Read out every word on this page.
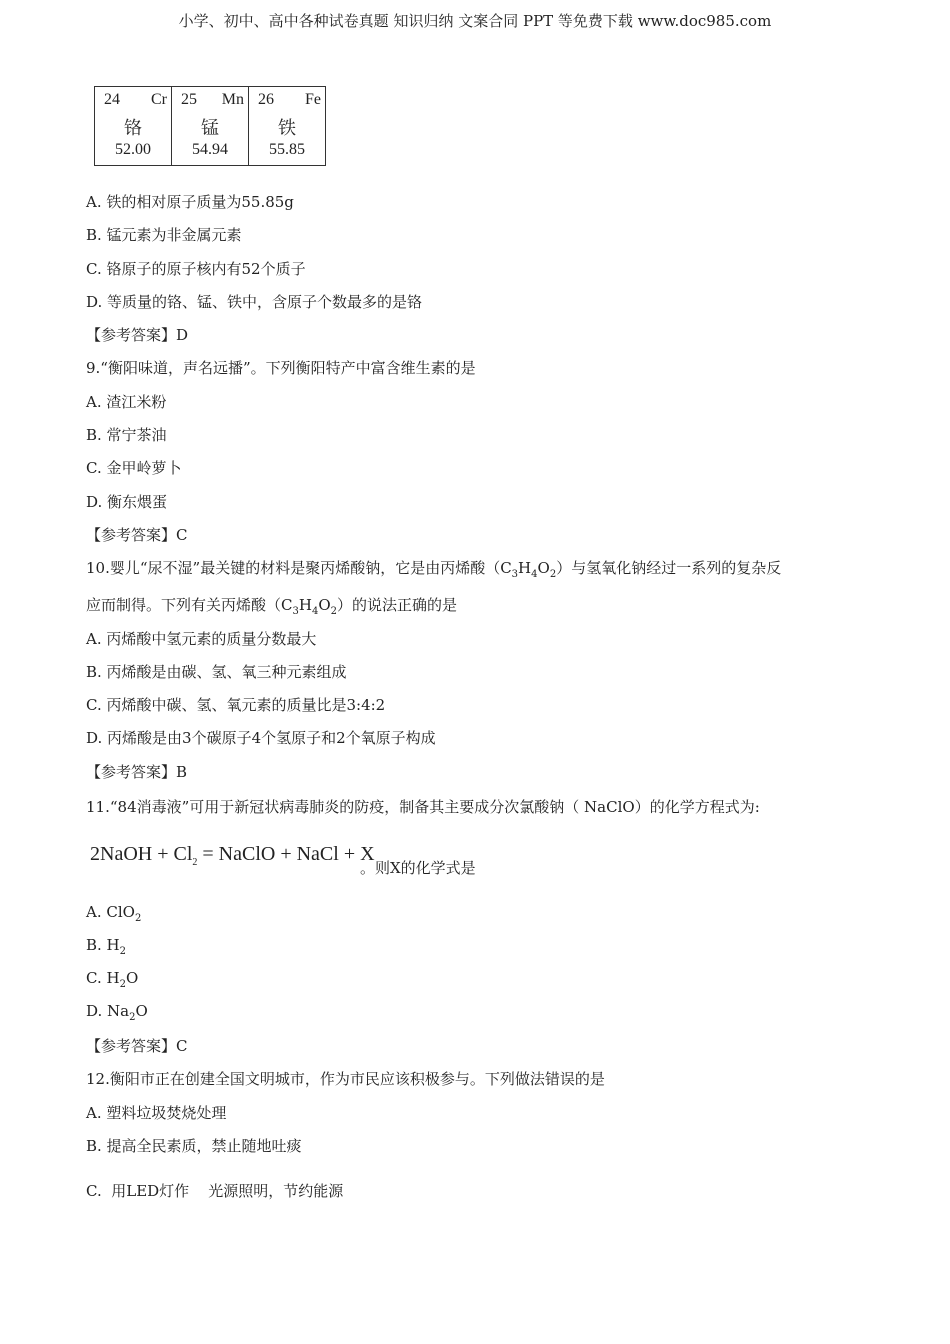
小学、初中、高中各种试卷真题 知识归纳 文案合同 PPT 等免费下载 www.doc985.com
24 Cr
铬
52.00

25 Mn
锰
54.94

26 Fe
铁
55.85
A. 铁的相对原子质量为55.85g
B. 锰元素为非金属元素
C. 铬原子的原子核内有52个质子
D. 等质量的铬、锰、铁中，含原子个数最多的是铬
【参考答案】D
9.“衡阳味道，声名远播”。下列衡阳特产中富含维生素的是
A. 渣江米粉
B. 常宁茶油
C. 金甲岭萝卜
D. 衡东煨蛋
【参考答案】C
10.婴儿“尿不湿”最关键的材料是聚丙烯酸钠，它是由丙烯酸$(C_3H_4O_2)$与氢氧化钠经过一系列的复杂反
应而制得。下列有关丙烯酸$(C_3H_4O_2)$的说法正确的是
A. 丙烯酸中氢元素的质量分数最大
B. 丙烯酸是由碳、氢、氧三种元素组成
C. 丙烯酸中碳、氢、氧元素的质量比是3:4:2
D. 丙烯酸是由3个碳原子4个氢原子和2个氧原子构成
【参考答案】B
11.“84消毒液”可用于新冠状病毒肺炎的防疫，制备其主要成分次氯酸钠（ NaClO）的化学方程式为:
2NaOH + $Cl_2$ = NaClO + NaCl + X
。则X的化学式是
A. ClO$_2$
B. $H_2$
C. $H_2O$
D. $Na_2O$
【参考答案】C
12.衡阳市正在创建全国文明城市，作为市民应该积极参与。下列做法错误的是
A. 塑料垃圾焚烧处理
B. 提高全民素质，禁止随地吐痰
C.  用LED灯作    光源照明，节约能源
